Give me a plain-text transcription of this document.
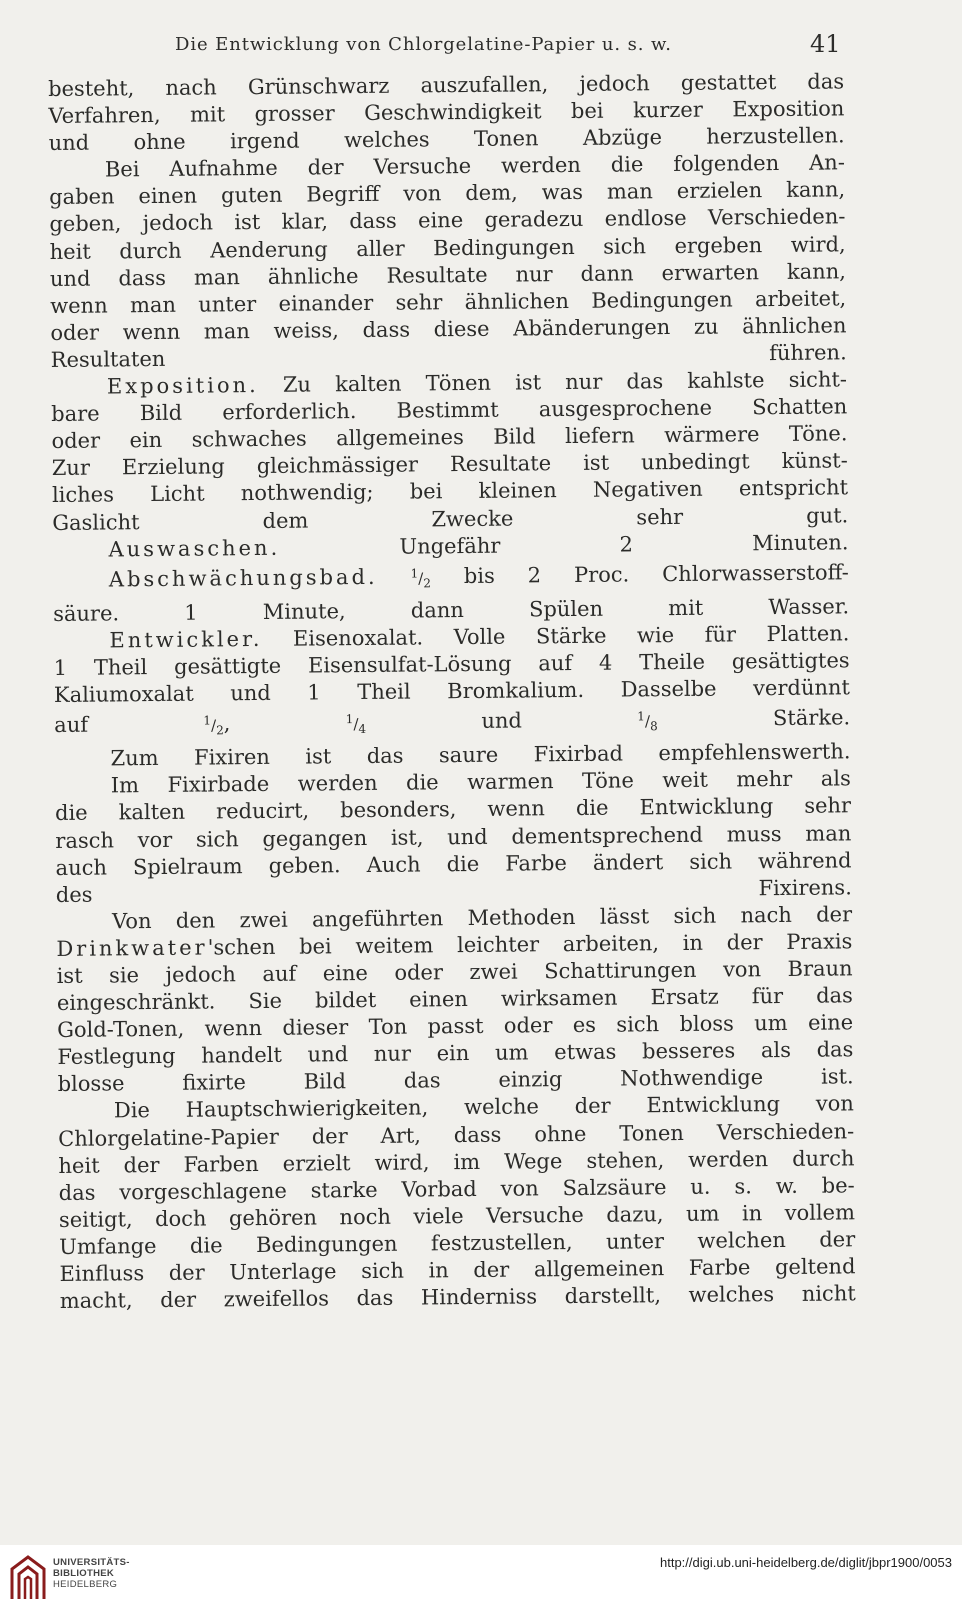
Die Entwicklung von Chlorgelatine-Papier u. s. w.	41

besteht, nach Grünschwarz auszufallen, jedoch gestattet das
Verfahren, mit grosser Geschwindigkeit bei kurzer Exposition
und ohne irgend welches Tonen Abzüge herzustellen.

Bei Aufnahme der Versuche werden die folgenden An-
gaben einen guten Begriff von dem, was man erzielen kann,
geben, jedoch ist klar, dass eine geradezu endlose Verschieden-
heit durch Aenderung aller Bedingungen sich ergeben wird,
und dass man ähnliche Resultate nur dann erwarten kann,
wenn man unter einander sehr ähnlichen Bedingungen arbeitet,
oder wenn man weiss, dass diese Abänderungen zu ähnlichen
Resultaten führen.

Exposition. Zu kalten Tönen ist nur das kahlste sicht-
bare Bild erforderlich. Bestimmt ausgesprochene Schatten
oder ein schwaches allgemeines Bild liefern wärmere Töne.
Zur Erzielung gleichmässiger Resultate ist unbedingt künst-
liches Licht nothwendig; bei kleinen Negativen entspricht
Gaslicht dem Zwecke sehr gut.

Auswaschen.	Ungefähr 2 Minuten.

Abschwächungsbad.	$^1/_2$ bis 2 Proc. Chlorwasserstoff-
säure. 1 Minute, dann Spülen mit Wasser.

Entwickler. Eisenoxalat. Volle Stärke wie für Platten.
1 Theil gesättigte Eisensulfat-Lösung auf 4 Theile gesättigtes
Kaliumoxalat und 1 Theil Bromkalium. Dasselbe verdünnt
auf	$^1/_2$, $^1/_4$	und	$^1/_8$	Stärke.

Zum Fixiren ist das saure Fixirbad empfehlenswerth.

Im Fixirbade werden die warmen Töne weit mehr als
die kalten reducirt, besonders, wenn die Entwicklung sehr
rasch vor sich gegangen ist, und dementsprechend muss man
auch Spielraum geben. Auch die Farbe ändert sich während
des Fixirens.

Von den zwei angeführten Methoden lässt sich nach der
Drinkwater'schen bei weitem leichter arbeiten, in der Praxis
ist sie jedoch auf eine oder zwei Schattirungen von Braun
eingeschränkt. Sie bildet einen wirksamen Ersatz für das
Gold-Tonen, wenn dieser Ton passt oder es sich bloss um eine
Festlegung handelt und nur ein um etwas besseres als das
blosse fixirte Bild das einzig Nothwendige ist.

Die Hauptschwierigkeiten, welche der Entwicklung von
Chlorgelatine-Papier der Art, dass ohne Tonen Verschieden-
heit der Farben erzielt wird, im Wege stehen, werden durch
das vorgeschlagene starke Vorbad von Salzsäure u. s. w. be-
seitigt, doch gehören noch viele Versuche dazu, um in vollem
Umfange die Bedingungen festzustellen, unter welchen der
Einfluss der Unterlage sich in der allgemeinen Farbe geltend
macht, der zweifellos das Hinderniss darstellt, welches nicht

UNIVERSITÄTS-
BIBLIOTHEK
HEIDELBERG
http://digi.ub.uni-heidelberg.de/diglit/jbpr1900/0053
